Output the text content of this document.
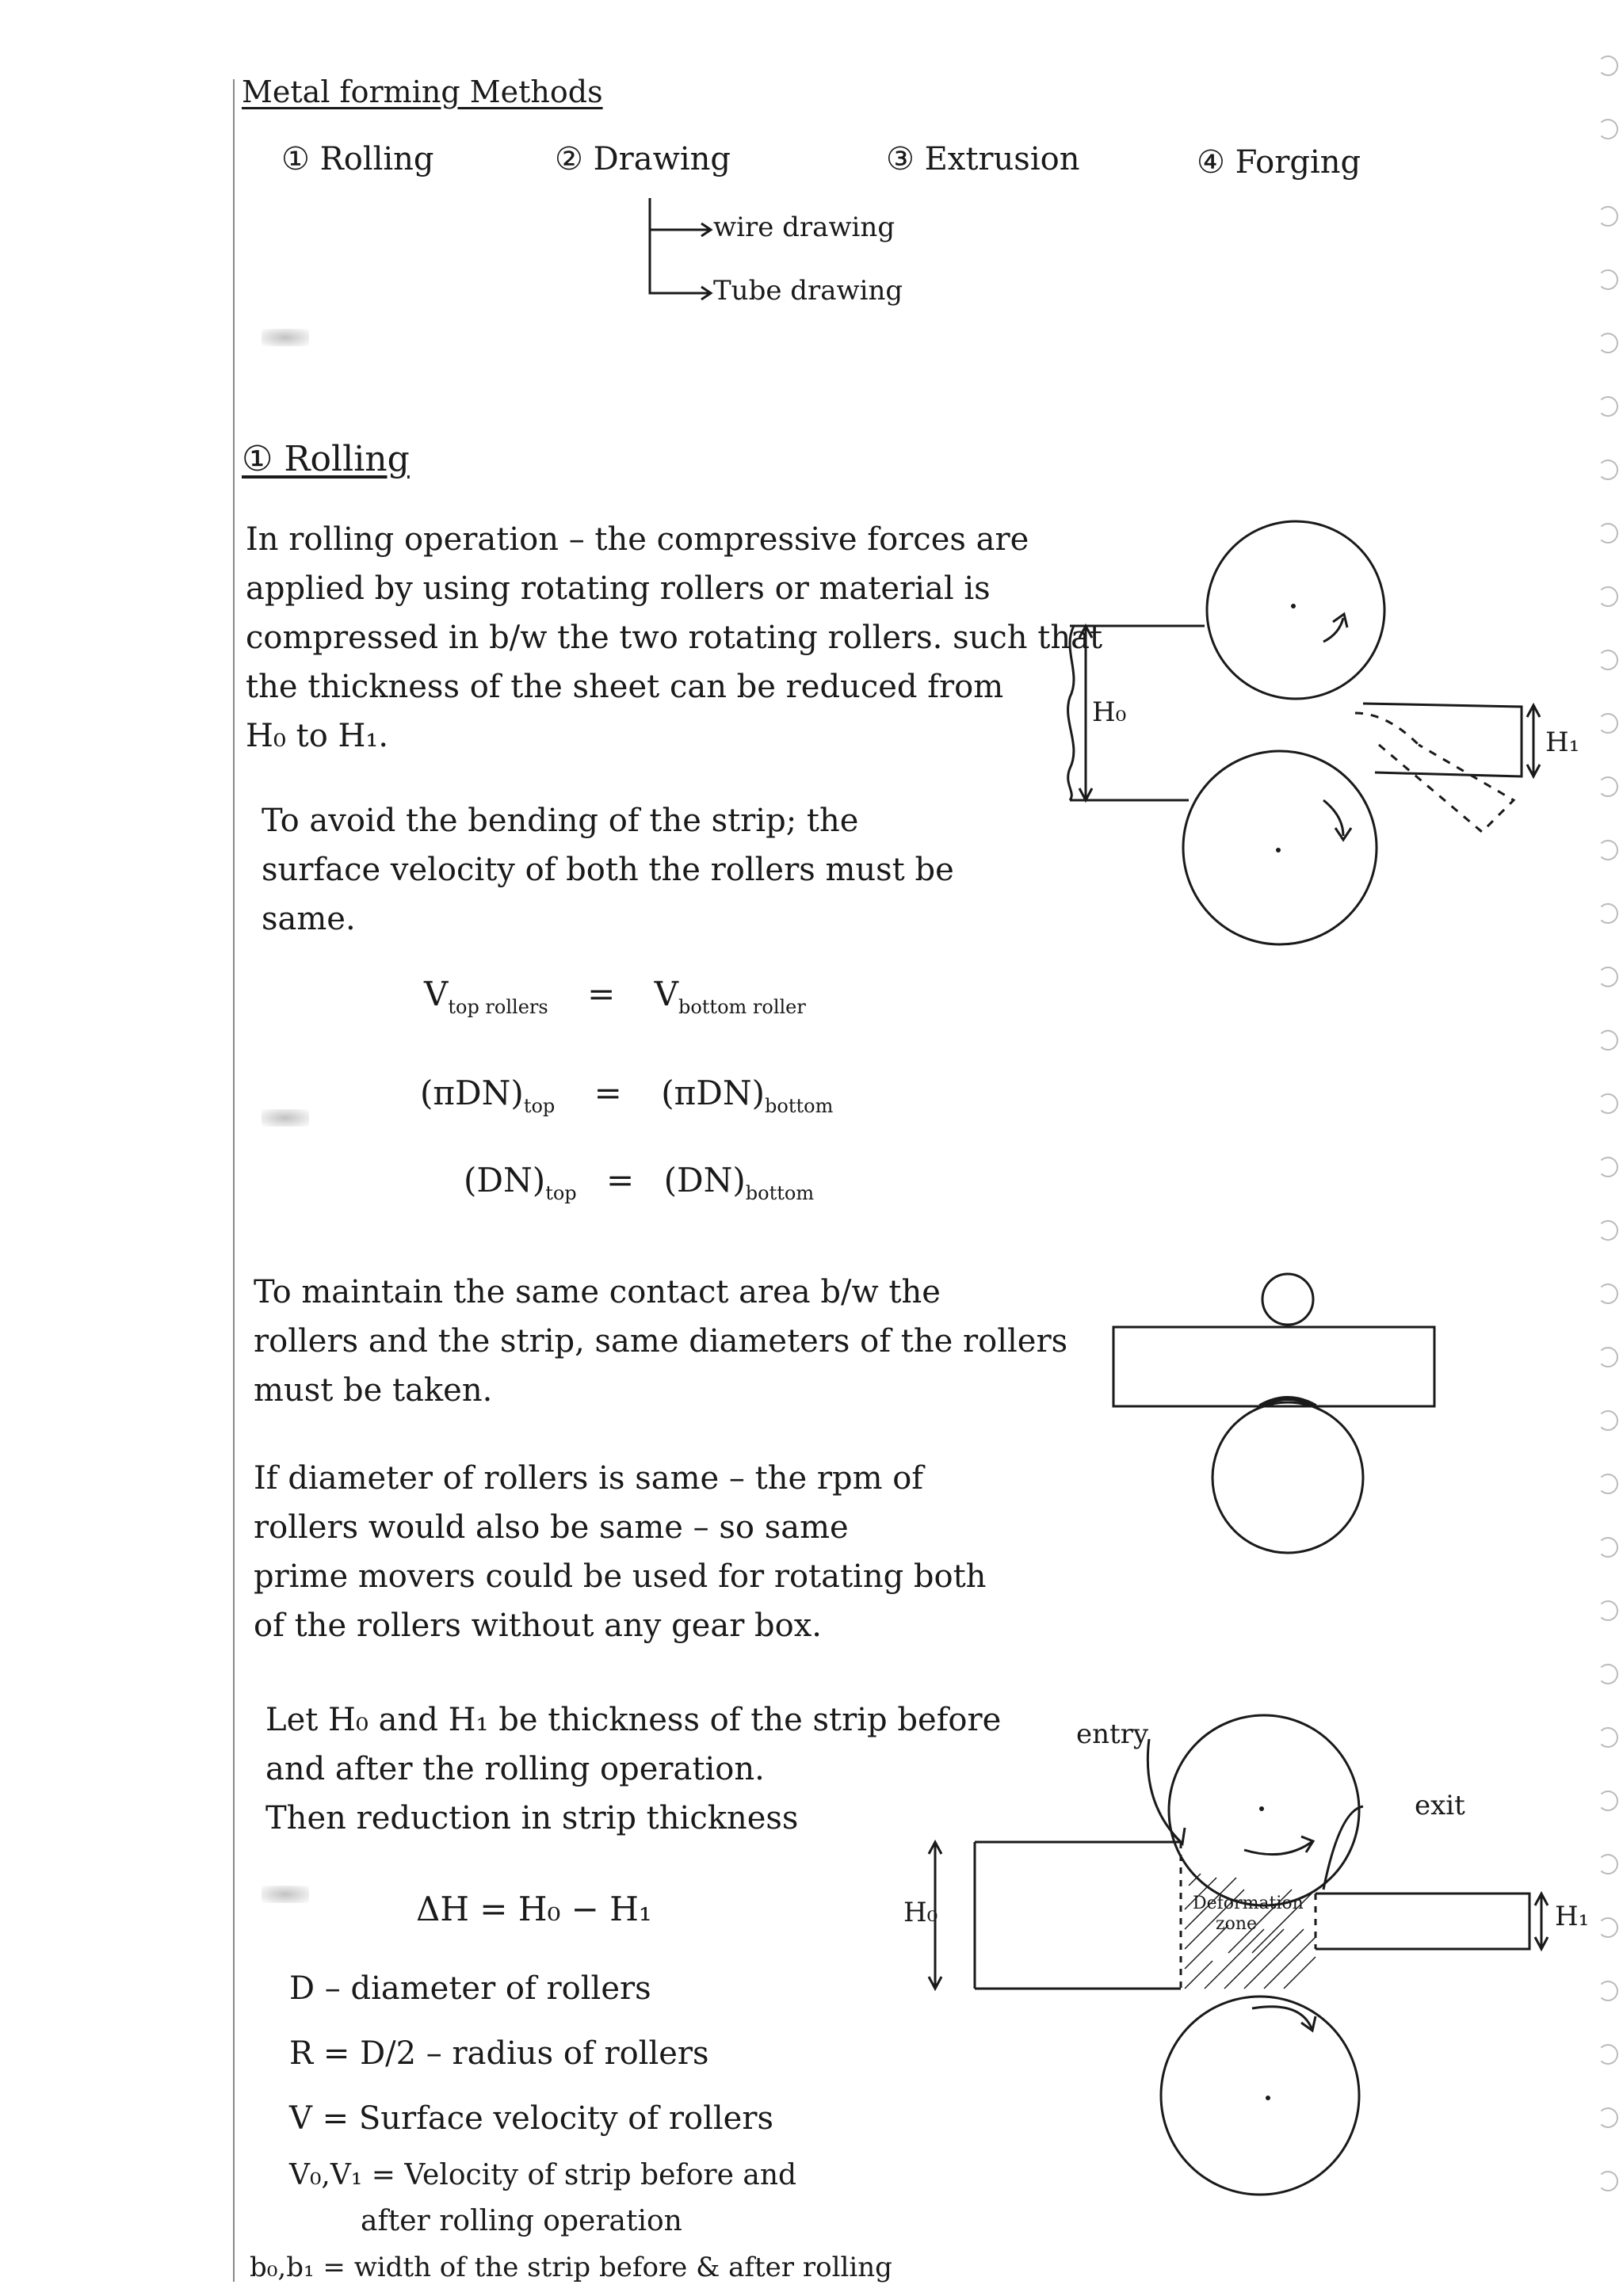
Metal forming Methods
① Rolling	② Drawing	③ Extrusion	④ Forging
wire drawing
Tube drawing
① Rolling
In rolling operation – the compressive forces are
applied by using rotating rollers or material is
compressed in b/w the two rotating rollers. such that
the thickness of the sheet can be reduced from
H₀ to H₁.
To avoid the bending of the strip; the
surface velocity of both the rollers must be
same.
$V_{top rollers} = V_{bottom roller}$
$(\pi DN)_{top} = (\pi DN)_{bottom}$
$(DN)_{top} = (DN)_{bottom}$
To maintain the same contact area b/w the
rollers and the strip, same diameters of the rollers
must be taken.
If diameter of rollers is same – the rpm of
rollers would also be same – so same
prime movers could be used for rotating both
of the rollers without any gear box.
Let H₀ and H₁ be thickness of the strip before
and after the rolling operation.
Then reduction in strip thickness
ΔH = H₀ − H₁
D – diameter of rollers
R = D/2 – radius of rollers
V = Surface velocity of rollers
V₀,V₁ = Velocity of strip before and
after rolling operation
b₀,b₁ = width of the strip before & after rolling
H₀
H₁
entry
exit
Deformation zone
H₀	H₁
